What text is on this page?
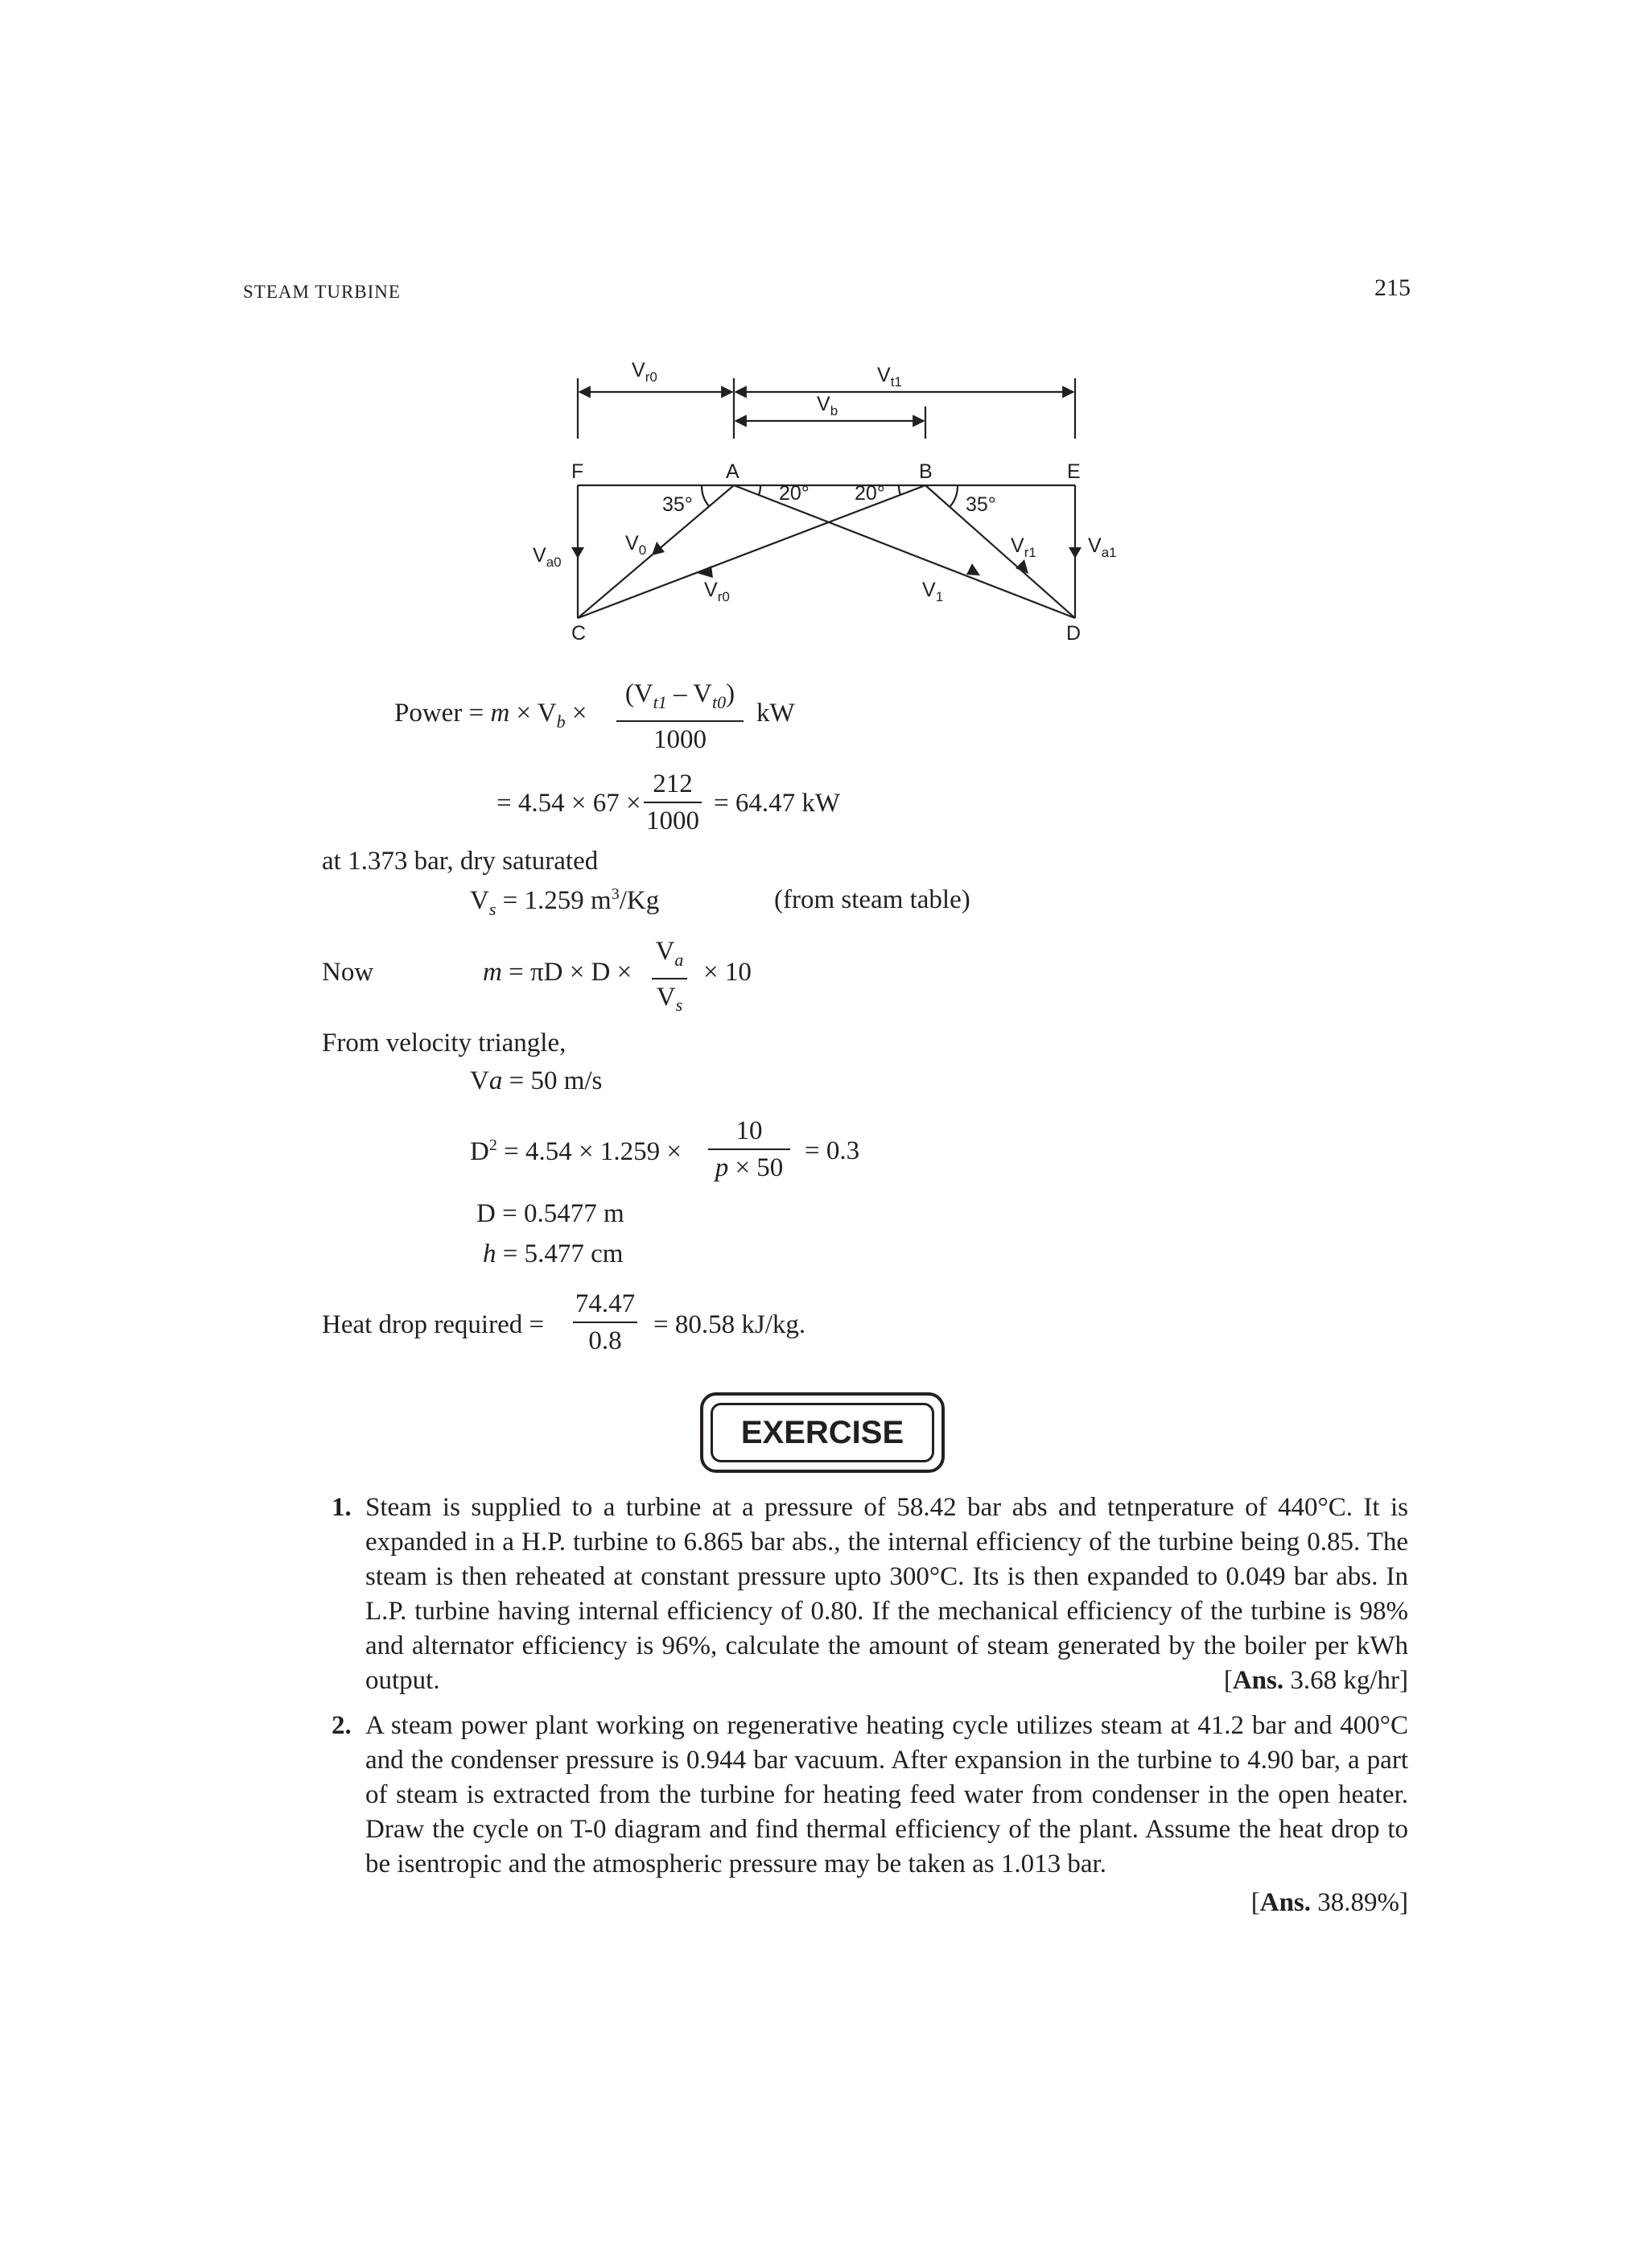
STEAM TURBINE	215
$V_{r0}$	$V_{t1}$
$V_b$
F	A	B	E
C	D
35°	20° 20°	35°
$V_{a0}$
$V_0$
$V_{r0}$	$V_1$
$V_{r1}$	$V_{a1}$
Power = $m \times V_b \times \frac{(V_{t1} - V_{t0})}{1000}$ kW
= $4.54 \times 67 \times \frac{212}{1000} = 64.47$ kW
at 1.373 bar, dry saturated
$V_s = 1.259$ $m^3/Kg$	(from steam table)
Now	$m = \pi D \times D \times \frac{V_a}{V_s} \times 10$
From velocity triangle,
Va = 50 m/s
$D^2 = 4.54 \times 1.259 \times \frac{10}{p \times 50} = 0.3$
D = 0.5477 m
h = 5.477 cm
Heat drop required = $\frac{74.47}{0.8} = 80.58$ kJ/kg.
EXERCISE
1. Steam is supplied to a turbine at a pressure of 58.42 bar abs and tetnperature of 440°C. It is expanded in a H.P. turbine to 6.865 bar abs., the internal efficiency of the turbine being 0.85. The steam is then reheated at constant pressure upto 300°C. Its is then expanded to 0.049 bar abs. In L.P. turbine having internal efficiency of 0.80. If the mechanical efficiency of the turbine is 98% and alternator efficiency is 96%, calculate the amount of steam generated by the boiler per kWh output.	[Ans. 3.68 kg/hr]
2. A steam power plant working on regenerative heating cycle utilizes steam at 41.2 bar and 400°C and the condenser pressure is 0.944 bar vacuum. After expansion in the turbine to 4.90 bar, a part of steam is extracted from the turbine for heating feed water from condenser in the open heater. Draw the cycle on T-0 diagram and find thermal efficiency of the plant. Assume the heat drop to be isentropic and the atmospheric pressure may be taken as 1.013 bar.
[Ans. 38.89%]
